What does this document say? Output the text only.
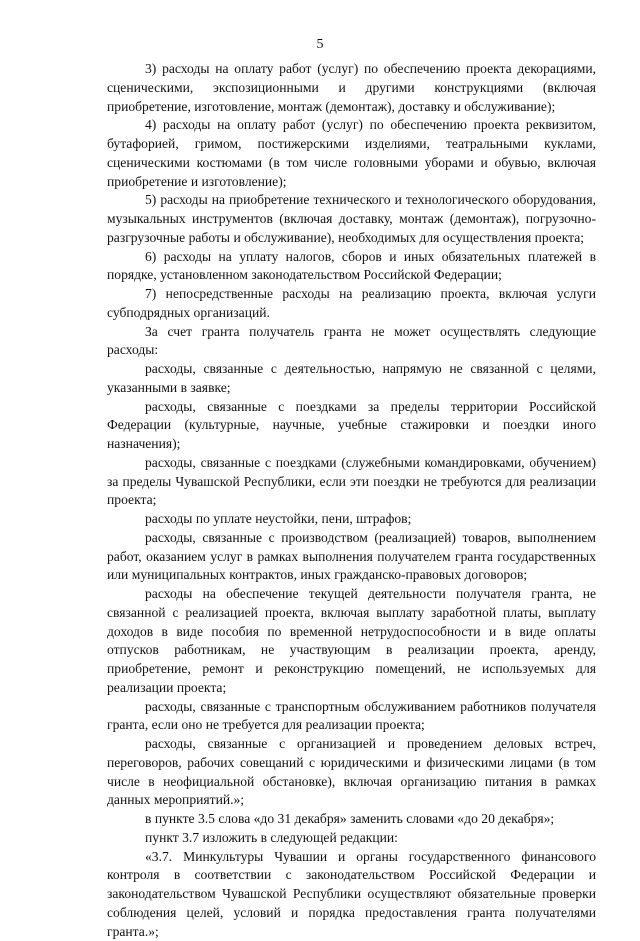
5

3) расходы на оплату работ (услуг) по обеспечению проекта декорациями, сценическими, экспозиционными и другими конструкциями (включая приобретение, изготовление, монтаж (демонтаж), доставку и обслуживание);

4) расходы на оплату работ (услуг) по обеспечению проекта реквизитом, бутафорией, гримом, постижерскими изделиями, театральными куклами, сценическими костюмами (в том числе головными уборами и обувью, включая приобретение и изготовление);

5) расходы на приобретение технического и технологического оборудования, музыкальных инструментов (включая доставку, монтаж (демонтаж), погрузочно-разгрузочные работы и обслуживание), необходимых для осуществления проекта;

6) расходы на уплату налогов, сборов и иных обязательных платежей в порядке, установленном законодательством Российской Федерации;

7) непосредственные расходы на реализацию проекта, включая услуги субподрядных организаций.

За счет гранта получатель гранта не может осуществлять следующие расходы:

расходы, связанные с деятельностью, напрямую не связанной с целями, указанными в заявке;

расходы, связанные с поездками за пределы территории Российской Федерации (культурные, научные, учебные стажировки и поездки иного назначения);

расходы, связанные с поездками (служебными командировками, обучением) за пределы Чувашской Республики, если эти поездки не требуются для реализации проекта;

расходы по уплате неустойки, пени, штрафов;

расходы, связанные с производством (реализацией) товаров, выполнением работ, оказанием услуг в рамках выполнения получателем гранта государственных или муниципальных контрактов, иных гражданско-правовых договоров;

расходы на обеспечение текущей деятельности получателя гранта, не связанной с реализацией проекта, включая выплату заработной платы, выплату доходов в виде пособия по временной нетрудоспособности и в виде оплаты отпусков работникам, не участвующим в реализации проекта, аренду, приобретение, ремонт и реконструкцию помещений, не используемых для реализации проекта;

расходы, связанные с транспортным обслуживанием работников получателя гранта, если оно не требуется для реализации проекта;

расходы, связанные с организацией и проведением деловых встреч, переговоров, рабочих совещаний с юридическими и физическими лицами (в том числе в неофициальной обстановке), включая организацию питания в рамках данных мероприятий.»;

в пункте 3.5 слова «до 31 декабря» заменить словами «до 20 декабря»;

пункт 3.7 изложить в следующей редакции:

«3.7. Минкультуры Чувашии и органы государственного финансового контроля в соответствии с законодательством Российской Федерации и законодательством Чувашской Республики осуществляют обязательные проверки соблюдения целей, условий и порядка предоставления гранта получателями гранта.»;
